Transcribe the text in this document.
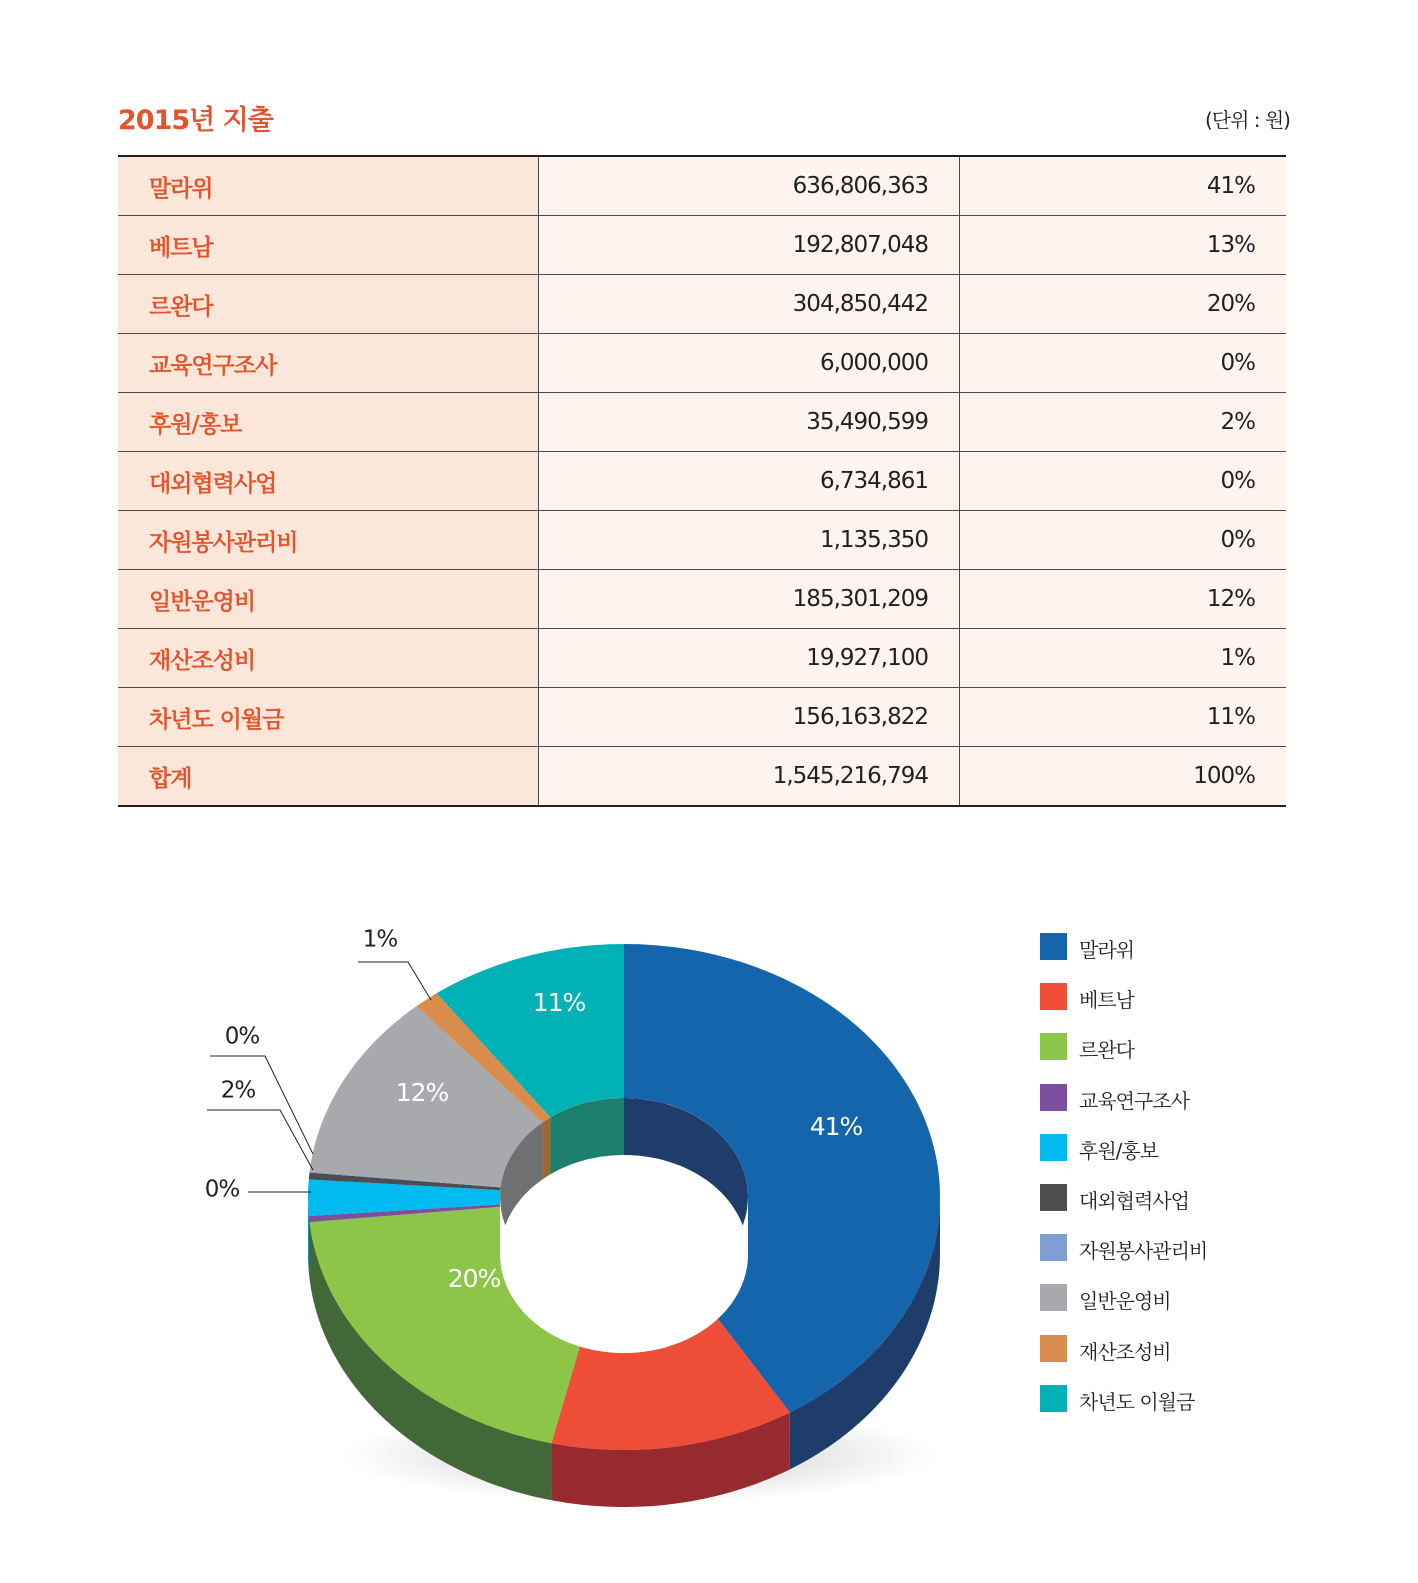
2015년 지출	(단위 : 원)
말라위	636,806,363	41%
베트남	192,807,048	13%
르완다	304,850,442	20%
교육연구조사	6,000,000	0%
후원/홍보	35,490,599	2%
대외협력사업	6,734,861	0%
자원봉사관리비	1,135,350	0%
일반운영비	185,301,209	12%
재산조성비	19,927,100	1%
차년도 이월금	156,163,822	11%
합계	1,545,216,794	100%
41%
13%
20%
12%
11%
1%
0%
2%
0%
말라위
베트남
르완다
교육연구조사
후원/홍보
대외협력사업
자원봉사관리비
일반운영비
재산조성비
차년도 이월금
